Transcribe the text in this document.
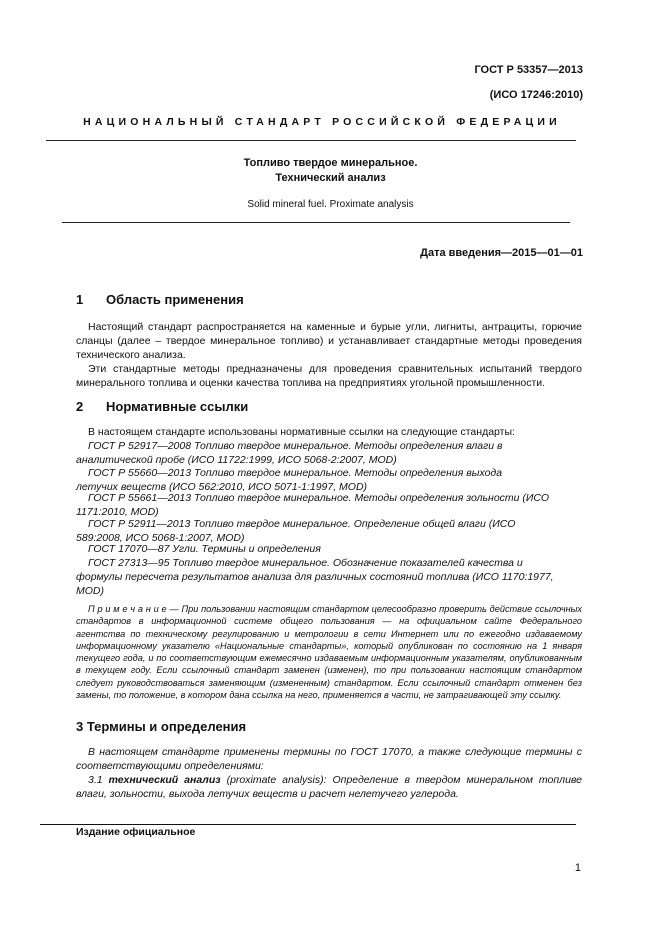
ГОСТ Р 53357—2013
(ИСО 17246:2010)
НАЦИОНАЛЬНЫЙ СТАНДАРТ РОССИЙСКОЙ ФЕДЕРАЦИИ
Топливо твердое минеральное.
Технический анализ
Solid mineral fuel. Proximate analysis
Дата введения—2015—01—01
1 Область применения
Настоящий стандарт распространяется на каменные и бурые угли, лигниты, антрациты, горючие сланцы (далее – твердое минеральное топливо) и устанавливает стандартные методы проведения технического анализа.
Эти стандартные методы предназначены для проведения сравнительных испытаний твердого минерального топлива и оценки качества топлива на предприятиях угольной промышленности.
2 Нормативные ссылки
В настоящем стандарте использованы нормативные ссылки на следующие стандарты:
ГОСТ Р 52917—2008 Топливо твердое минеральное. Методы определения влаги в аналитической пробе (ИСО 11722:1999, ИСО 5068-2:2007, MOD)
ГОСТ Р 55660—2013 Топливо твердое минеральное. Методы определения выхода летучих веществ (ИСО 562:2010, ИСО 5071-1:1997, MOD)
ГОСТ Р 55661—2013 Топливо твердое минеральное. Методы определения зольности (ИСО 1171:2010, MOD)
ГОСТ Р 52911—2013 Топливо твердое минеральное. Определение общей влаги (ИСО 589:2008, ИСО 5068-1:2007, MOD)
ГОСТ 17070—87 Угли. Термины и определения
ГОСТ 27313—95 Топливо твердое минеральное. Обозначение показателей качества и формулы пересчета результатов анализа для различных состояний топлива (ИСО 1170:1977, MOD)
П р и м е ч а н и е — При пользовании настоящим стандартом целесообразно проверить действие ссылочных стандартов в информационной системе общего пользования — на официальном сайте Федерального агентства по техническому регулированию и метрологии в сети Интернет или по ежегодно издаваемому информационному указателю «Национальные стандарты», который опубликован по состоянию на 1 января текущего года, и по соответствующим ежемесячно издаваемым информационным указателям, опубликованным в текущем году. Если ссылочный стандарт заменен (изменен), то при пользовании настоящим стандартом следует руководствоваться заменяющим (измененным) стандартом. Если ссылочный стандарт отменен без замены, то положение, в котором дана ссылка на него, применяется в части, не затрагивающей эту ссылку.
3 Термины и определения
В настоящем стандарте применены термины по ГОСТ 17070, а также следующие термины с соответствующими определениями:
3.1 технический анализ (proximate analysis): Определение в твердом минеральном топливе влаги, зольности, выхода летучих веществ и расчет нелетучего углерода.
Издание официальное
1
